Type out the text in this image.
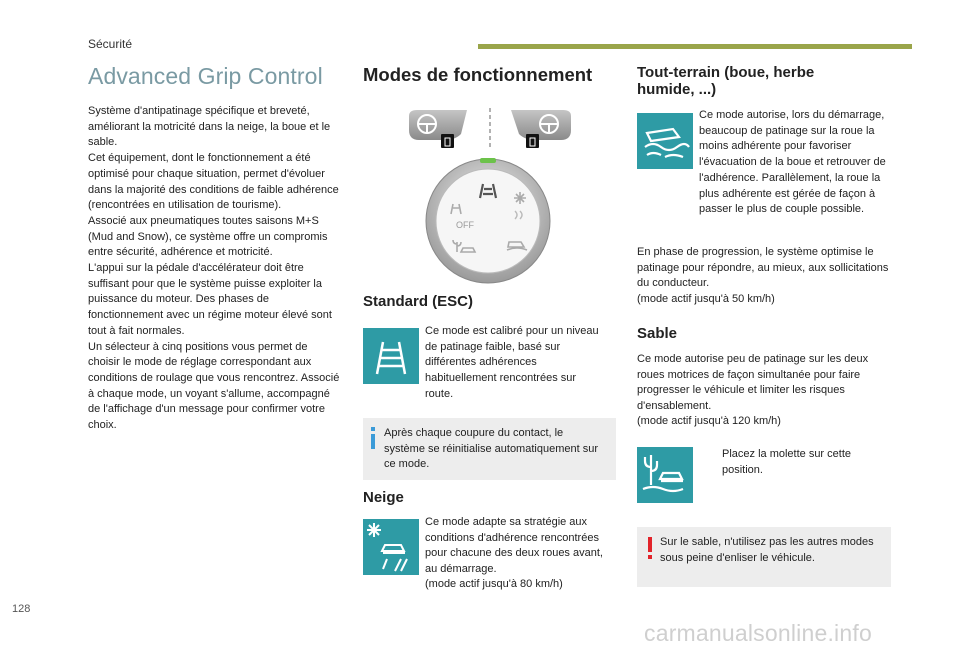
Sécurité
Advanced Grip Control

Système d'antipatinage spécifique et breveté, améliorant la motricité dans la neige, la boue et le sable.

Cet équipement, dont le fonctionnement a été optimisé pour chaque situation, permet d'évoluer dans la majorité des conditions de faible adhérence (rencontrées en utilisation de tourisme).

Associé aux pneumatiques toutes saisons M+S (Mud and Snow), ce système offre un compromis entre sécurité, adhérence et motricité.

L'appui sur la pédale d'accélérateur doit être suffisant pour que le système puisse exploiter la puissance du moteur. Des phases de fonctionnement avec un régime moteur élevé sont tout à fait normales.

Un sélecteur à cinq positions vous permet de choisir le mode de réglage correspondant aux conditions de roulage que vous rencontrez. Associé à chaque mode, un voyant s'allume, accompagné de l'affichage d'un message pour confirmer votre choix.

Modes de fonctionnement
OFF
Standard (ESC)
Ce mode est calibré pour un niveau de patinage faible, basé sur différentes adhérences habituellement rencontrées sur route.
Après chaque coupure du contact, le système se réinitialise automatiquement sur ce mode.
Neige
Ce mode adapte sa stratégie aux conditions d'adhérence rencontrées pour chacune des deux roues avant, au démarrage.
(mode actif jusqu'à 80 km/h)
Tout-terrain (boue, herbe
humide, ...)
Ce mode autorise, lors du démarrage, beaucoup de patinage sur la roue la moins adhérente pour favoriser l'évacuation de la boue et retrouver de l'adhérence. Parallèlement, la roue la plus adhérente est gérée de façon à passer le plus de couple possible.
En phase de progression, le système optimise le patinage pour répondre, au mieux, aux sollicitations du conducteur.
(mode actif jusqu'à 50 km/h)
Sable
Ce mode autorise peu de patinage sur les deux roues motrices de façon simultanée pour faire progresser le véhicule et limiter les risques d'ensablement.
(mode actif jusqu'à 120 km/h)
Placez la molette sur cette position.
Sur le sable, n'utilisez pas les autres modes sous peine d'enliser le véhicule.
128
carmanualsonline.info
